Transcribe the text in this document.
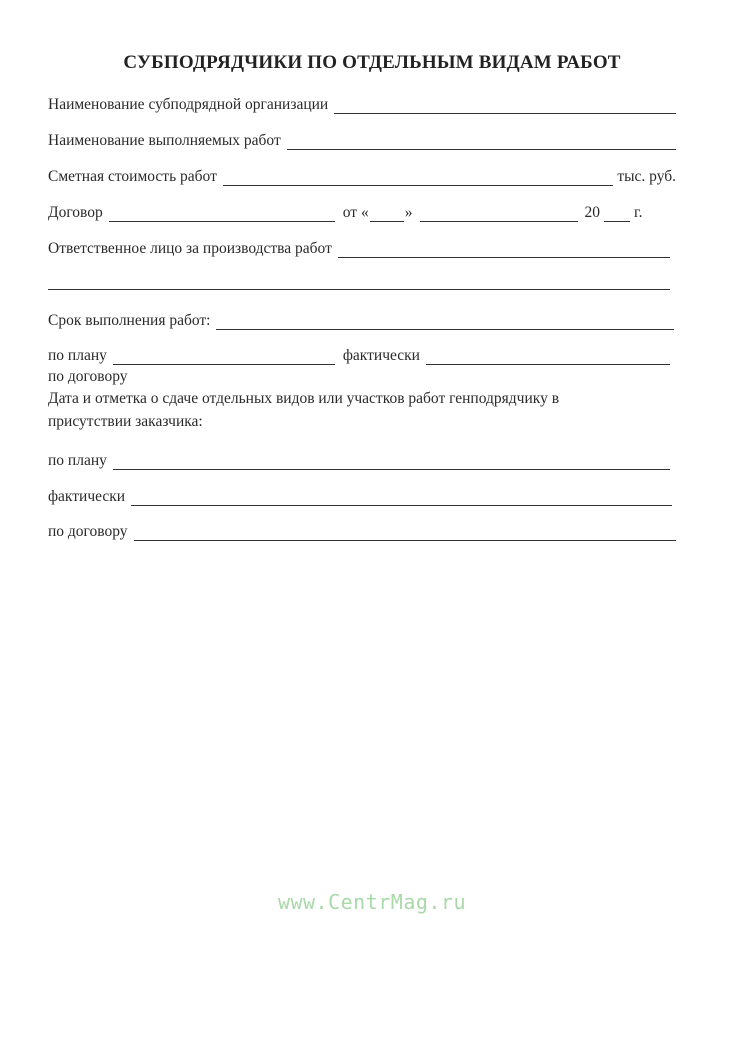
СУБПОДРЯДЧИКИ ПО ОТДЕЛЬНЫМ ВИДАМ РАБОТ
Наименование субподрядной организации
Наименование выполняемых работ
Сметная стоимость работ	тыс. руб.
Договор	от « »	20 г.
Ответственное лицо за производства работ
Срок выполнения работ:
по плану	фактически
по договору
Дата и отметка о сдаче отдельных видов или участков работ генподрядчику в
присутствии заказчика:
по плану
фактически
по договору
www.CentrMag.ru
